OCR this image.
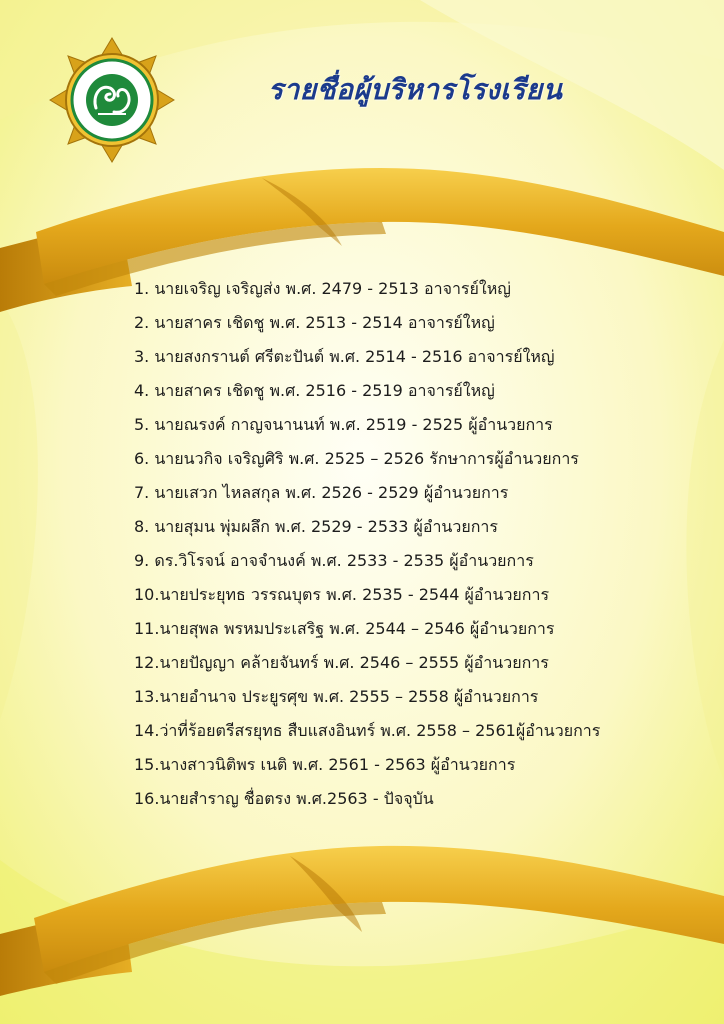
รายชื่อผู้บริหารโรงเรียน
1. นายเจริญ เจริญส่ง พ.ศ. 2479 - 2513 อาจารย์ใหญ่
2. นายสาคร เชิดชู พ.ศ. 2513 - 2514 อาจารย์ใหญ่
3. นายสงกรานต์ ศรีตะปันต์ พ.ศ. 2514 - 2516 อาจารย์ใหญ่
4. นายสาคร เชิดชู พ.ศ. 2516 - 2519 อาจารย์ใหญ่
5. นายณรงค์ กาญจนานนท์ พ.ศ. 2519 - 2525 ผู้อำนวยการ
6. นายนวกิจ เจริญศิริ พ.ศ. 2525 – 2526 รักษาการผู้อำนวยการ
7. นายเสวก ไหลสกุล พ.ศ. 2526 - 2529 ผู้อำนวยการ
8. นายสุมน พุ่มผลึก พ.ศ. 2529 - 2533 ผู้อำนวยการ
9. ดร.วิโรจน์ อาจจำนงค์ พ.ศ. 2533 - 2535 ผู้อำนวยการ
10.นายประยุทธ วรรณบุตร พ.ศ. 2535 - 2544 ผู้อำนวยการ
11.นายสุพล พรหมประเสริฐ พ.ศ. 2544 – 2546 ผู้อำนวยการ
12.นายปัญญา คล้ายจันทร์ พ.ศ. 2546 – 2555 ผู้อำนวยการ
13.นายอำนาจ ประยูรศุข พ.ศ. 2555 – 2558 ผู้อำนวยการ
14.ว่าที่ร้อยตรีสรยุทธ สืบแสงอินทร์ พ.ศ. 2558 – 2561ผู้อำนวยการ
15.นางสาวนิติพร เนติ พ.ศ. 2561 - 2563 ผู้อำนวยการ
16.นายสำราญ ชื่อตรง พ.ศ.2563 - ปัจจุบัน
